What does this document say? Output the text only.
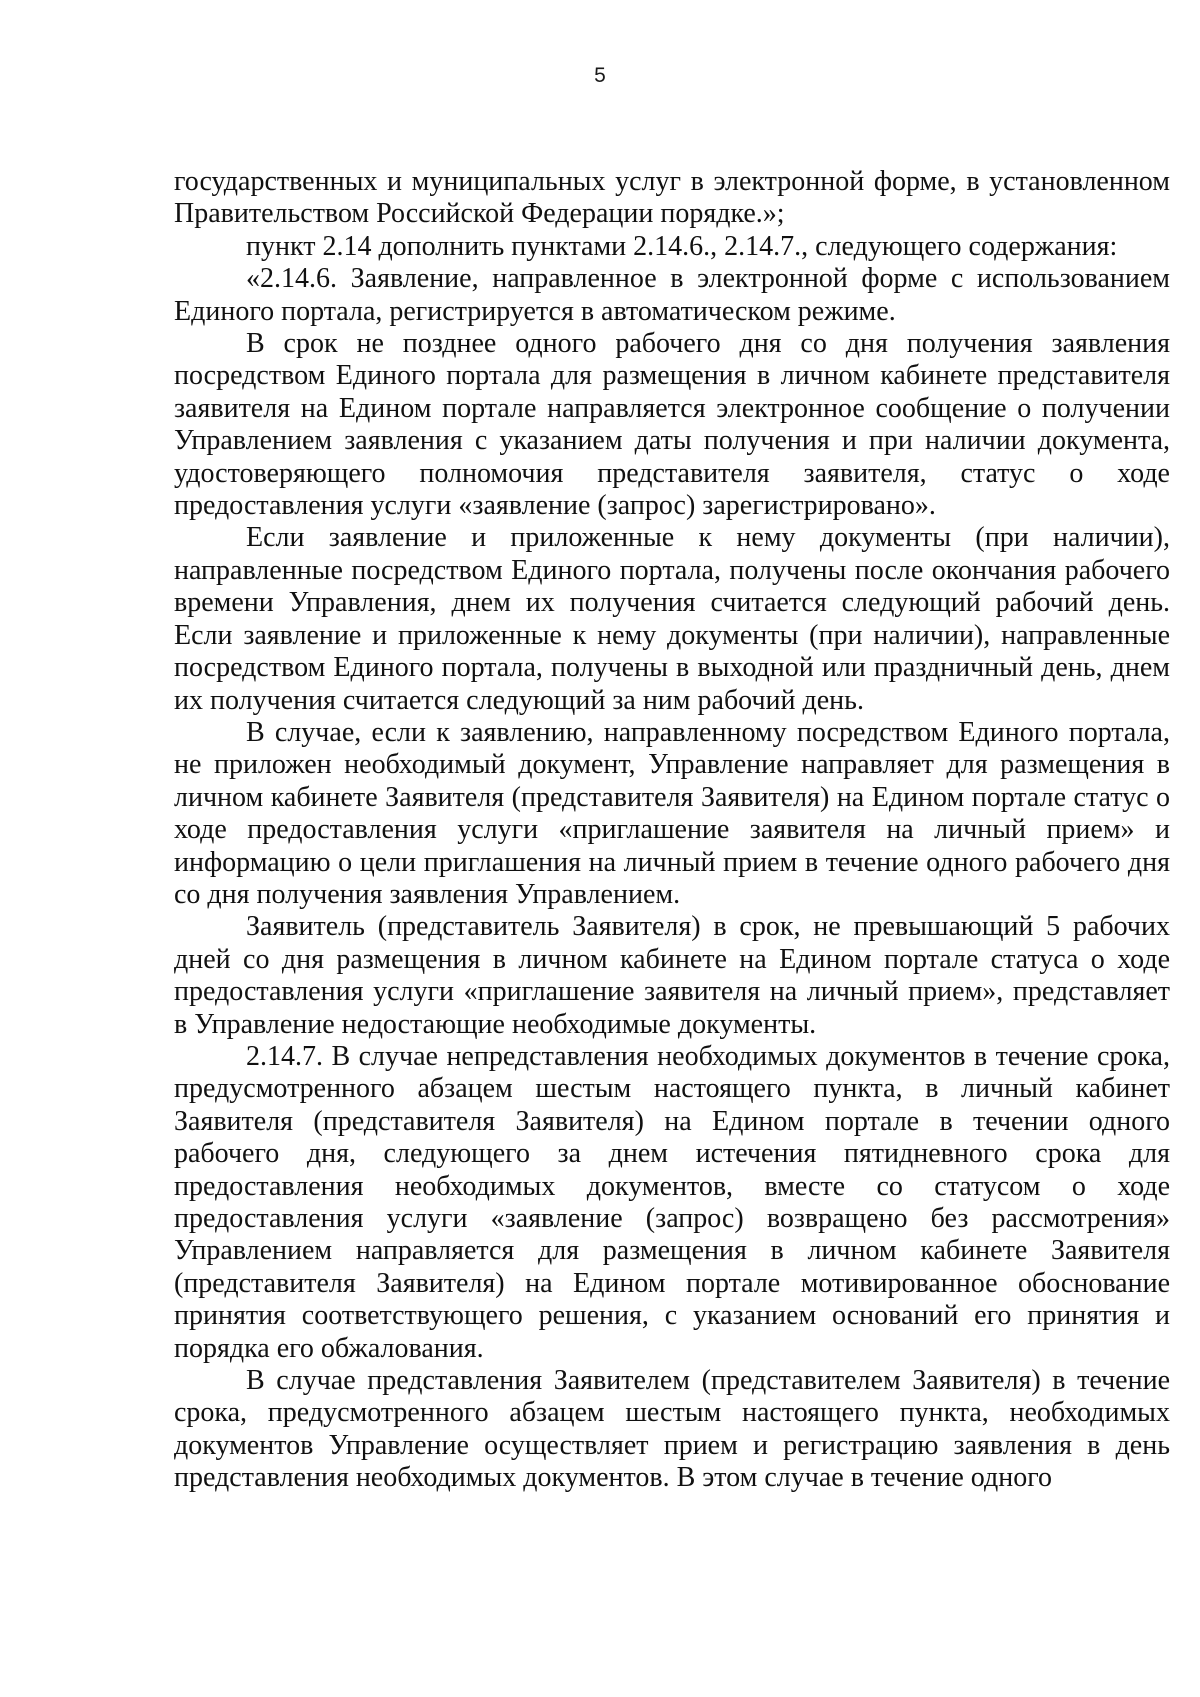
5

государственных и муниципальных услуг в электронной форме, в установленном Правительством Российской Федерации порядке.»;

пункт 2.14 дополнить пунктами 2.14.6., 2.14.7., следующего содержания:

«2.14.6. Заявление, направленное в электронной форме с использованием Единого портала, регистрируется в автоматическом режиме.

В срок не позднее одного рабочего дня со дня получения заявления посредством Единого портала для размещения в личном кабинете представителя заявителя на Едином портале направляется электронное сообщение о получении Управлением заявления с указанием даты получения и при наличии документа, удостоверяющего полномочия представителя заявителя, статус о ходе предоставления услуги «заявление (запрос) зарегистрировано».

Если заявление и приложенные к нему документы (при наличии), направленные посредством Единого портала, получены после окончания рабочего времени Управления, днем их получения считается следующий рабочий день. Если заявление и приложенные к нему документы (при наличии), направленные посредством Единого портала, получены в выходной или праздничный день, днем их получения считается следующий за ним рабочий день.

В случае, если к заявлению, направленному посредством Единого портала, не приложен необходимый документ, Управление направляет для размещения в личном кабинете Заявителя (представителя Заявителя) на Едином портале статус о ходе предоставления услуги «приглашение заявителя на личный прием» и информацию о цели приглашения на личный прием в течение одного рабочего дня со дня получения заявления Управлением.

Заявитель (представитель Заявителя) в срок, не превышающий 5 рабочих дней со дня размещения в личном кабинете на Едином портале статуса о ходе предоставления услуги «приглашение заявителя на личный прием», представляет в Управление недостающие необходимые документы.

2.14.7. В случае непредставления необходимых документов в течение срока, предусмотренного абзацем шестым настоящего пункта, в личный кабинет Заявителя (представителя Заявителя) на Едином портале в течении одного рабочего дня, следующего за днем истечения пятидневного срока для предоставления необходимых документов, вместе со статусом о ходе предоставления услуги «заявление (запрос) возвращено без рассмотрения» Управлением направляется для размещения в личном кабинете Заявителя (представителя Заявителя) на Едином портале мотивированное обоснование принятия соответствующего решения, с указанием оснований его принятия и порядка его обжалования.

В случае представления Заявителем (представителем Заявителя) в течение срока, предусмотренного абзацем шестым настоящего пункта, необходимых документов Управление осуществляет прием и регистрацию заявления в день представления необходимых документов. В этом случае в течение одного
